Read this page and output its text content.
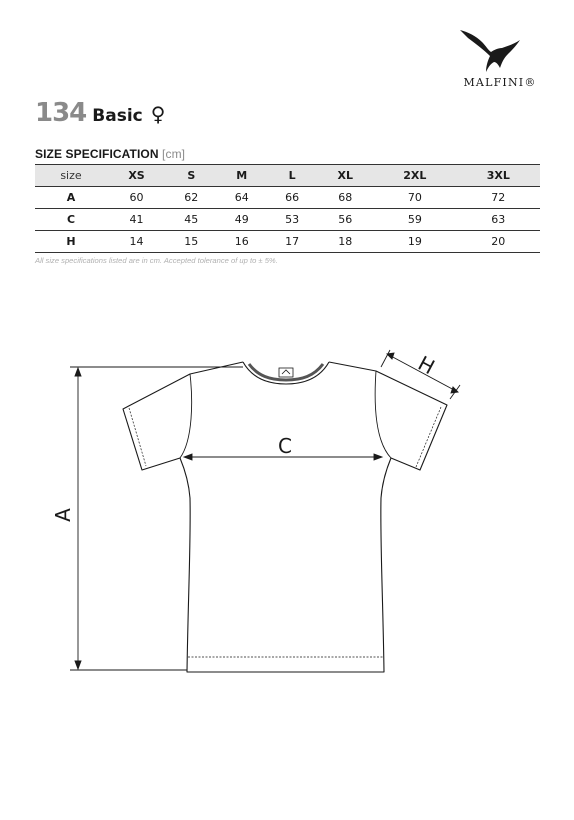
MALFINI®
134 Basic ♀
SIZE SPECIFICATION [cm]
size	XS	S	M	L	XL	2XL	3XL
A	60	62	64	66	68	70	72
C	41	45	49	53	56	59	63
H	14	15	16	17	18	19	20
All size specifications listed are in cm. Accepted tolerance of up to ± 5%.
A
C
H
